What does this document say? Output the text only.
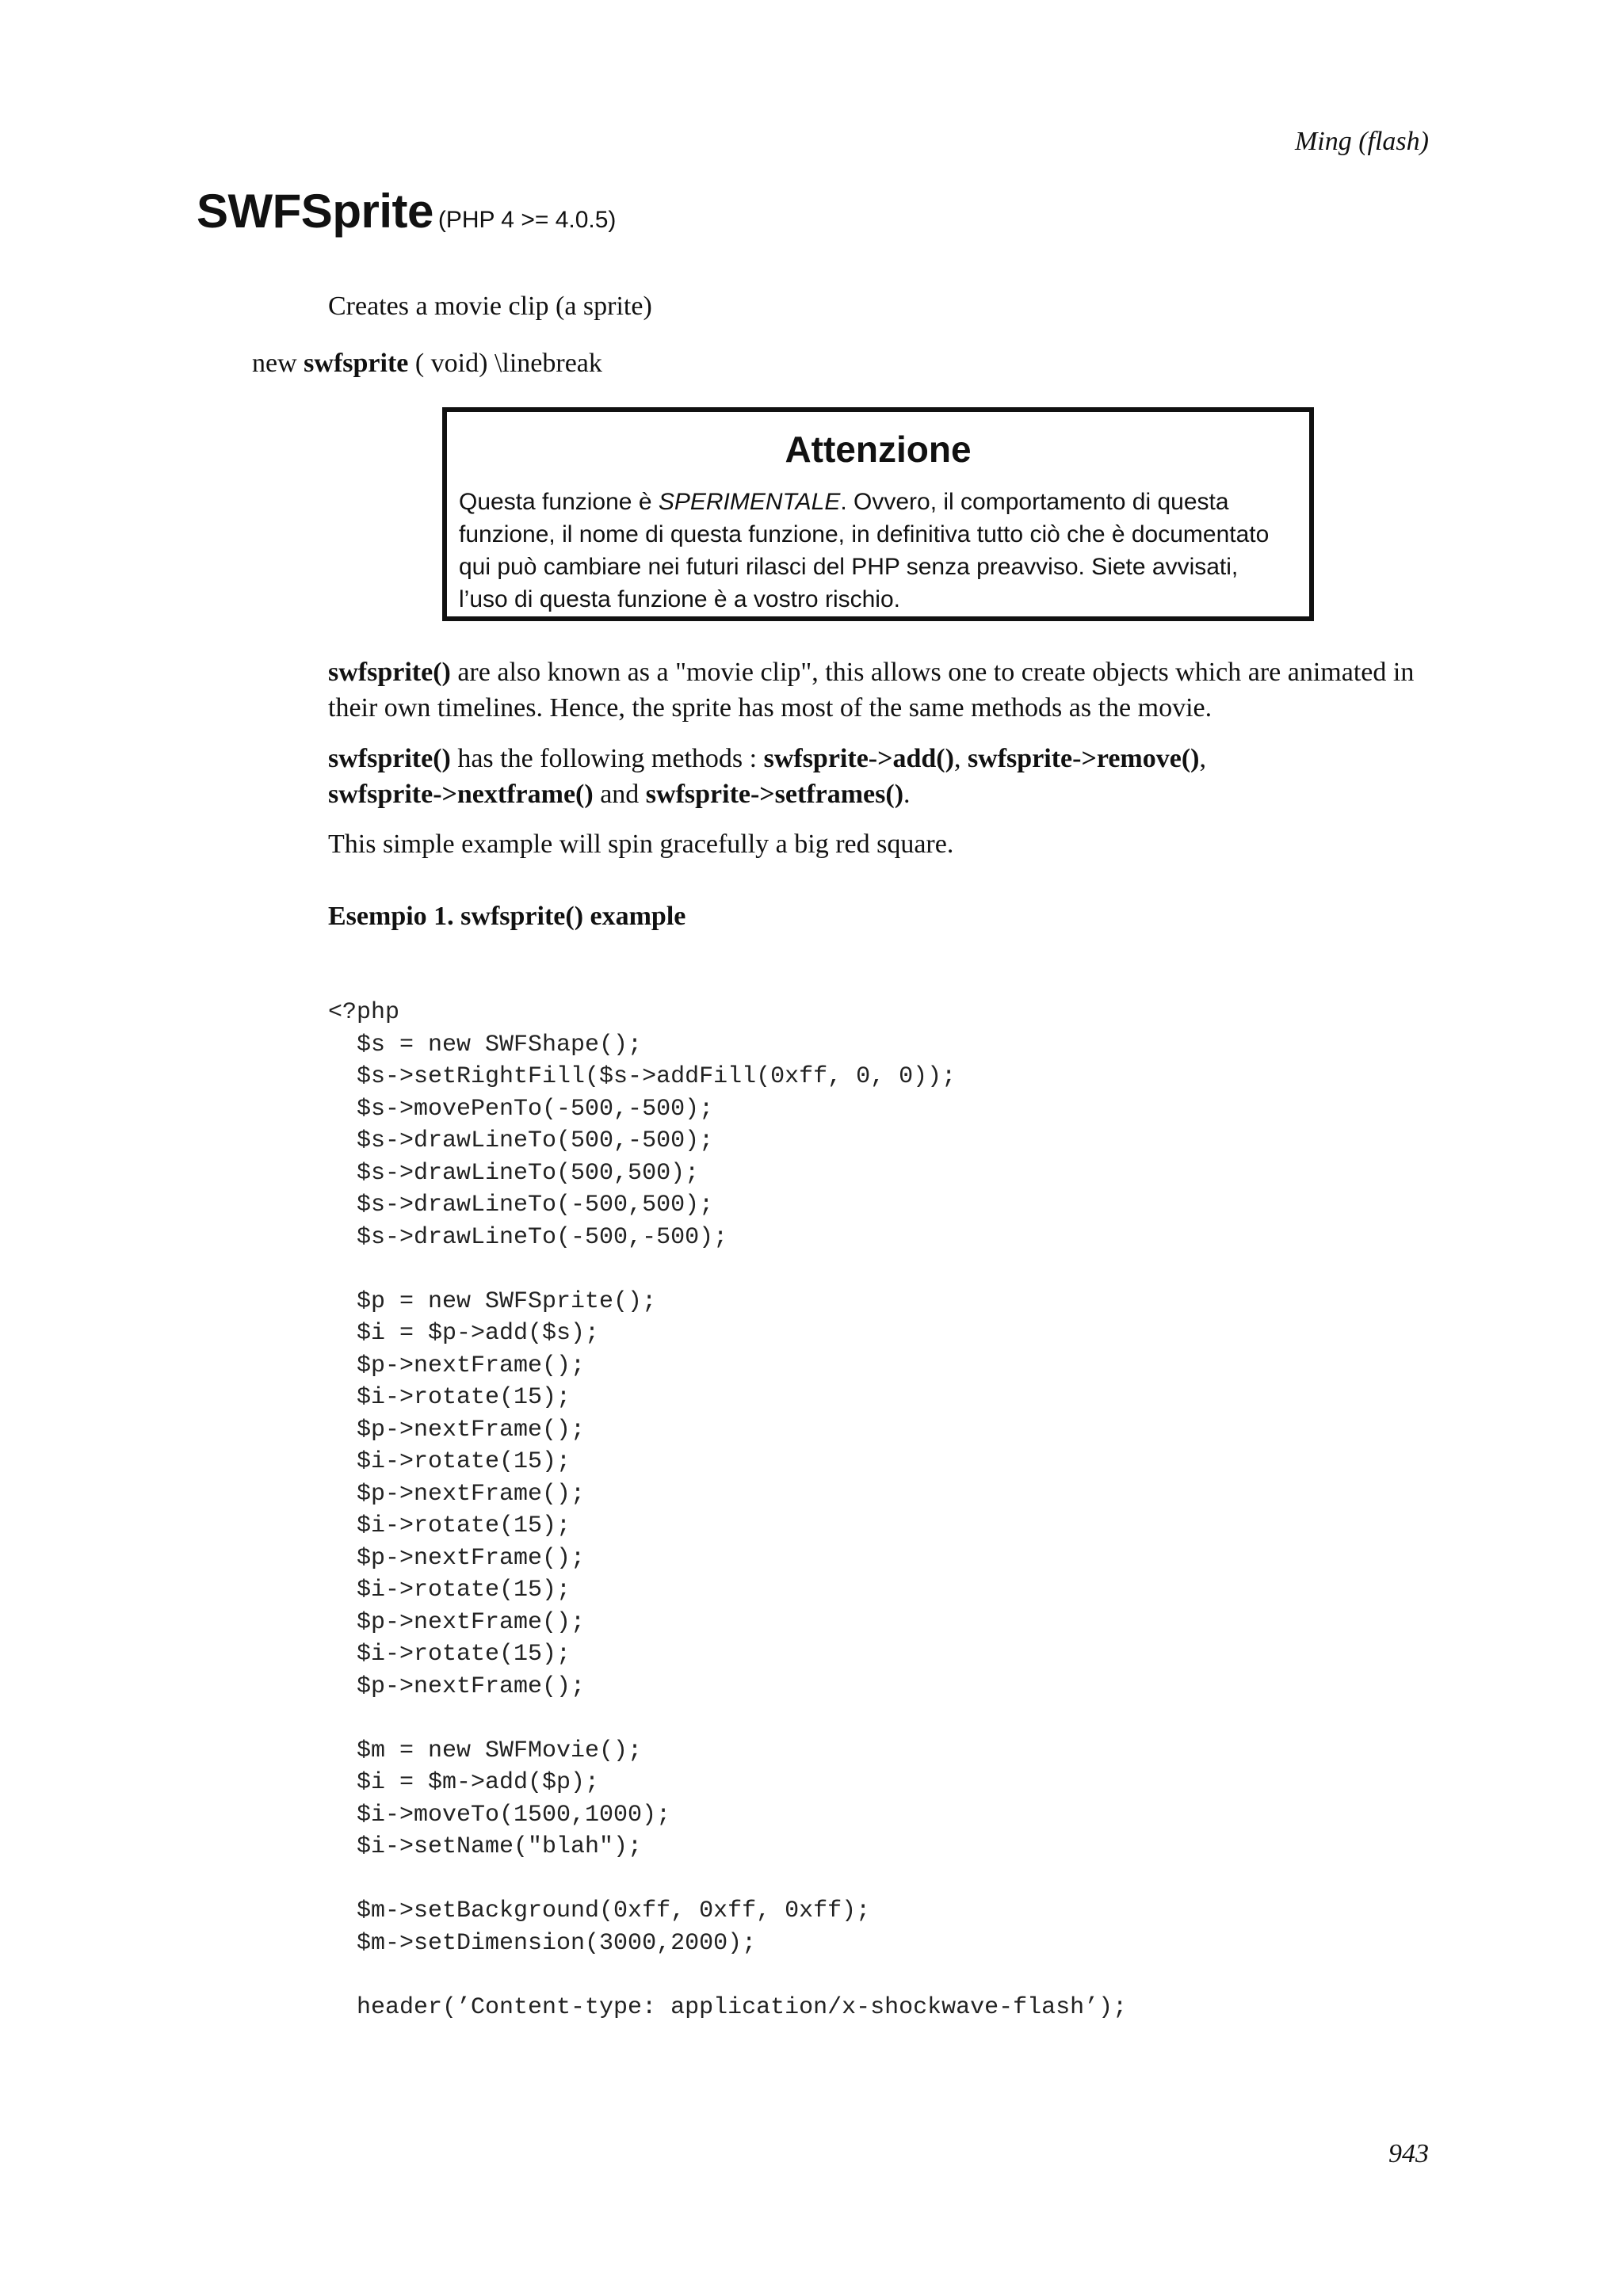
Ming (flash)
SWFSprite (PHP 4 >= 4.0.5)
Creates a movie clip (a sprite)
new swfsprite ( void) \linebreak
Attenzione
Questa funzione è SPERIMENTALE. Ovvero, il comportamento di questa funzione, il nome di questa funzione, in definitiva tutto ciò che è documentato qui può cambiare nei futuri rilasci del PHP senza preavviso. Siete avvisati, l’uso di questa funzione è a vostro rischio.
swfsprite() are also known as a "movie clip", this allows one to create objects which are animated in their own timelines. Hence, the sprite has most of the same methods as the movie.
swfsprite() has the following methods : swfsprite->add(), swfsprite->remove(),
swfsprite->nextframe() and swfsprite->setframes().
This simple example will spin gracefully a big red square.
Esempio 1. swfsprite() example
<?php
$s = new SWFShape();
$s->setRightFill($s->addFill(0xff, 0, 0));
$s->movePenTo(-500,-500);
$s->drawLineTo(500,-500);
$s->drawLineTo(500,500);
$s->drawLineTo(-500,500);
$s->drawLineTo(-500,-500);

$p = new SWFSprite();
$i = $p->add($s);
$p->nextFrame();
$i->rotate(15);
$p->nextFrame();
$i->rotate(15);
$p->nextFrame();
$i->rotate(15);
$p->nextFrame();
$i->rotate(15);
$p->nextFrame();
$i->rotate(15);
$p->nextFrame();

$m = new SWFMovie();
$i = $m->add($p);
$i->moveTo(1500,1000);
$i->setName("blah");

$m->setBackground(0xff, 0xff, 0xff);
$m->setDimension(3000,2000);

header(’Content-type: application/x-shockwave-flash’);
943
